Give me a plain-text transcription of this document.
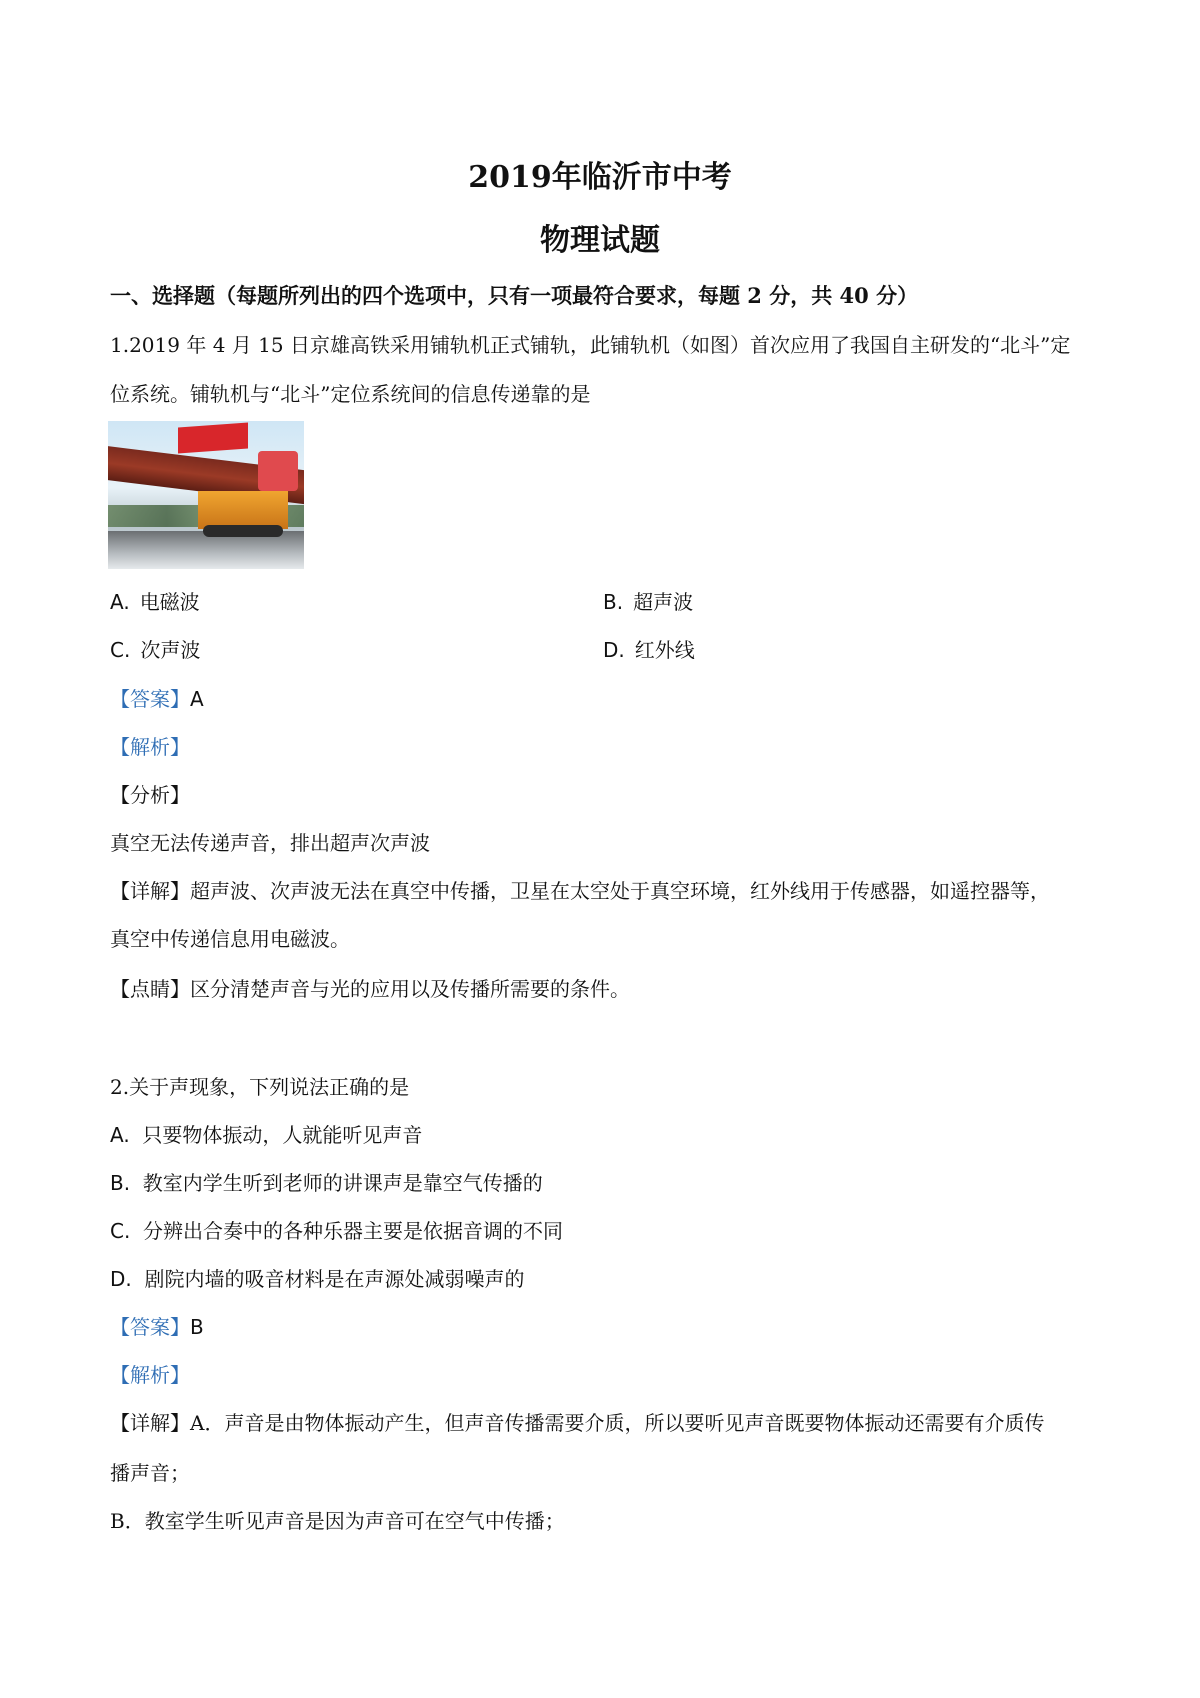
2019年临沂市中考
物理试题
一、选择题（每题所列出的四个选项中，只有一项最符合要求，每题 2 分，共 40 分）
1.2019 年 4 月 15 日京雄高铁采用铺轨机正式铺轨，此铺轨机（如图）首次应用了我国自主研发的“北斗”定
位系统。铺轨机与“北斗”定位系统间的信息传递靠的是
A. 电磁波	B. 超声波
C. 次声波	D. 红外线
【答案】A
【解析】
【分析】
真空无法传递声音，排出超声次声波
【详解】超声波、次声波无法在真空中传播，卫星在太空处于真空环境，红外线用于传感器，如遥控器等，
真空中传递信息用电磁波。
【点睛】区分清楚声音与光的应用以及传播所需要的条件。
2.关于声现象，下列说法正确的是
A. 只要物体振动，人就能听见声音
B. 教室内学生听到老师的讲课声是靠空气传播的
C. 分辨出合奏中的各种乐器主要是依据音调的不同
D. 剧院内墙的吸音材料是在声源处减弱噪声的
【答案】B
【解析】
【详解】A．声音是由物体振动产生，但声音传播需要介质，所以要听见声音既要物体振动还需要有介质传
播声音；
B．教室学生听见声音是因为声音可在空气中传播；
